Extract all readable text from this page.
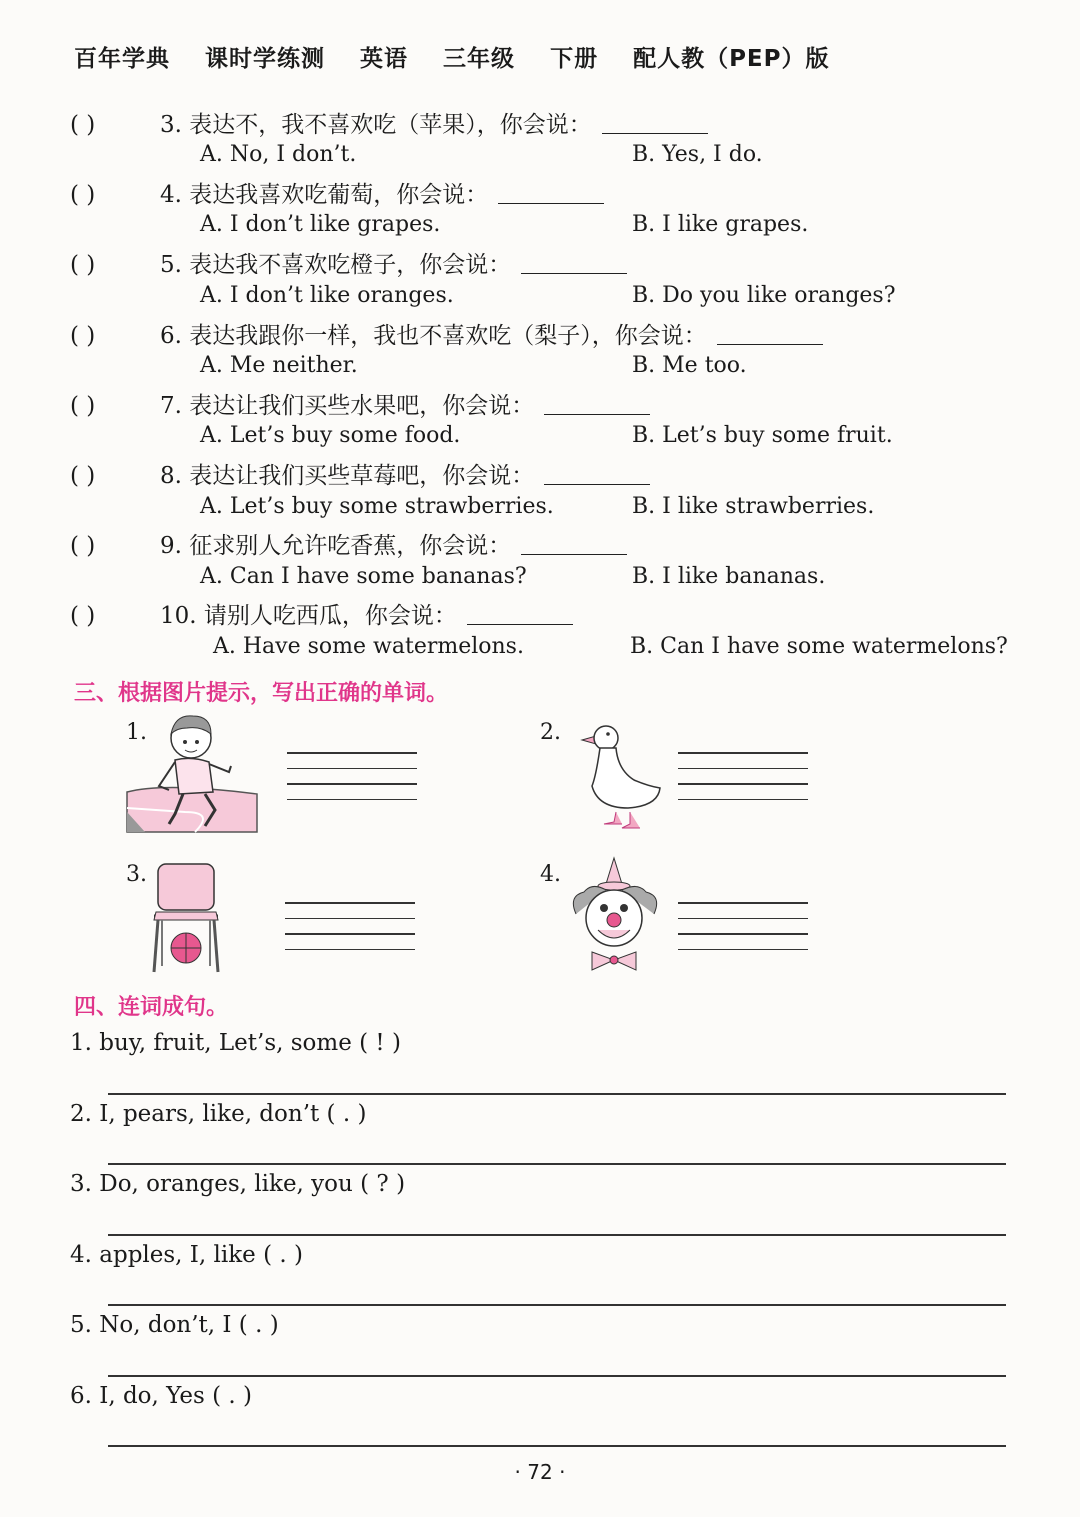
百年学典 课时学练测 英语 三年级 下册 配人教（PEP）版
( )	3. 表达不，我不喜欢吃（苹果），你会说：
A. No, I don’t.	B. Yes, I do.
( )	4. 表达我喜欢吃葡萄，你会说：
A. I don’t like grapes.	B. I like grapes.
( )	5. 表达我不喜欢吃橙子，你会说：
A. I don’t like oranges.	B. Do you like oranges?
( )	6. 表达我跟你一样，我也不喜欢吃（梨子），你会说：
A. Me neither.	B. Me too.
( )	7. 表达让我们买些水果吧，你会说：
A. Let’s buy some food.	B. Let’s buy some fruit.
( )	8. 表达让我们买些草莓吧，你会说：
A. Let’s buy some strawberries.	B. I like strawberries.
( )	9. 征求别人允许吃香蕉，你会说：
A. Can I have some bananas?	B. I like bananas.
( )	10. 请别人吃西瓜，你会说：
A. Have some watermelons.	B. Can I have some watermelons?
三、根据图片提示，写出正确的单词。
1.	2.
3.	4.
四、连词成句。
1. buy, fruit, Let’s, some ( ! )
2. I, pears, like, don’t ( . )
3. Do, oranges, like, you ( ? )
4. apples, I, like ( . )
5. No, don’t, I ( . )
6. I, do, Yes ( . )
· 72 ·
